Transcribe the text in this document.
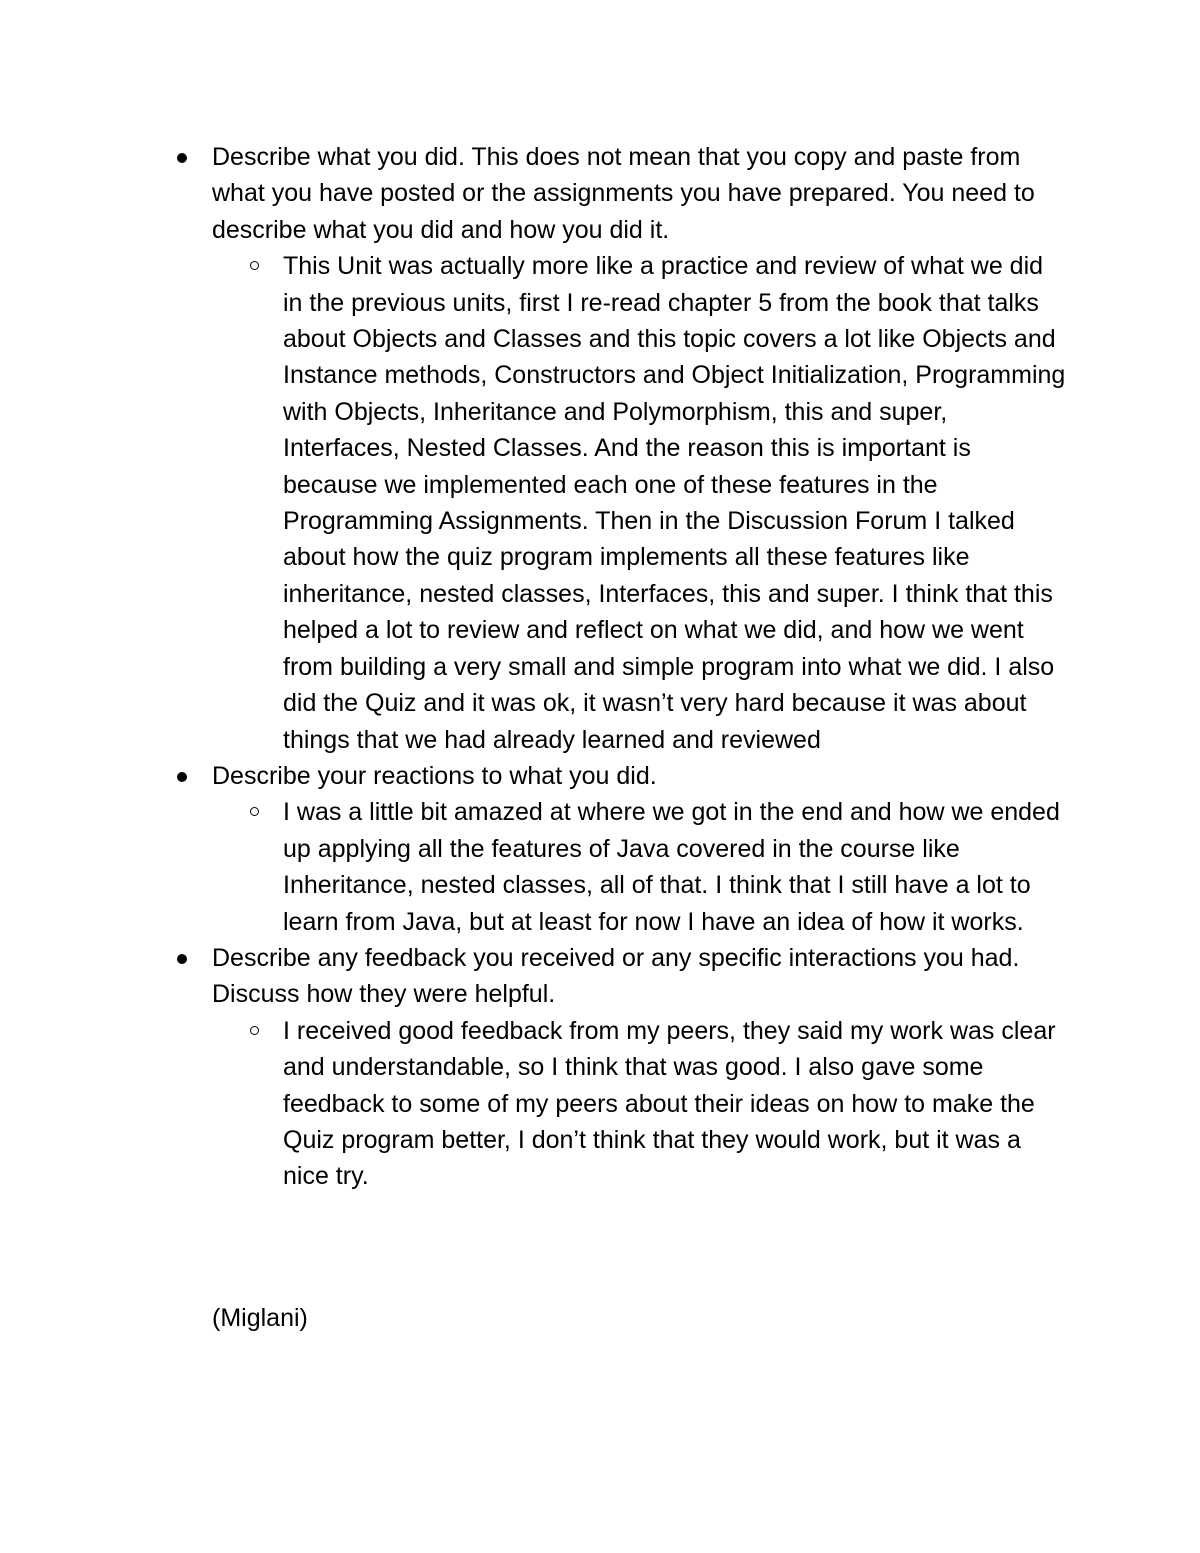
Describe what you did. This does not mean that you copy and paste from what you have posted or the assignments you have prepared. You need to describe what you did and how you did it.
This Unit was actually more like a practice and review of what we did in the previous units, first I re-read chapter 5 from the book that talks about Objects and Classes and this topic covers a lot like Objects and Instance methods, Constructors and Object Initialization, Programming with Objects, Inheritance and Polymorphism, this and super, Interfaces, Nested Classes. And the reason this is important is because we implemented each one of these features in the Programming Assignments. Then in the Discussion Forum I talked about how the quiz program implements all these features like inheritance, nested classes, Interfaces, this and super. I think that this helped a lot to review and reflect on what we did, and how we went from building a very small and simple program into what we did. I also did the Quiz and it was ok, it wasn’t very hard because it was about things that we had already learned and reviewed
Describe your reactions to what you did.
I was a little bit amazed at where we got in the end and how we ended up applying all the features of Java covered in the course like Inheritance, nested classes, all of that. I think that I still have a lot to learn from Java, but at least for now I have an idea of how it works.
Describe any feedback you received or any specific interactions you had. Discuss how they were helpful.
I received good feedback from my peers, they said my work was clear and understandable, so I think that was good. I also gave some feedback to some of my peers about their ideas on how to make the Quiz program better, I don’t think that they would work, but it was a nice try.
(Miglani)
